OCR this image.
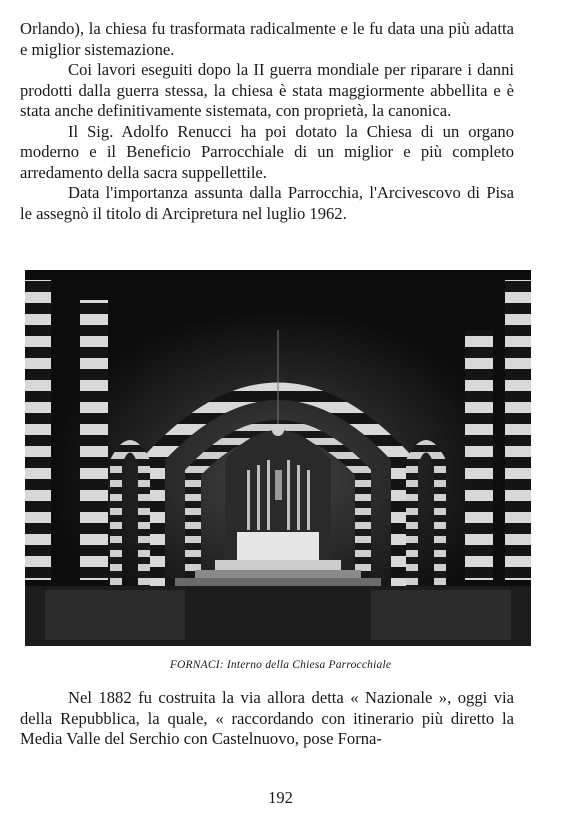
Orlando), la chiesa fu trasformata radicalmente e le fu data una più adatta e miglior sistemazione.

Coi lavori eseguiti dopo la II guerra mondiale per riparare i danni prodotti dalla guerra stessa, la chiesa è stata maggiormente abbellita e è stata anche definitivamente sistemata, con proprietà, la canonica.

Il Sig. Adolfo Renucci ha poi dotato la Chiesa di un organo moderno e il Beneficio Parrocchiale di un miglior e più completo arredamento della sacra suppellettile.

Data l'importanza assunta dalla Parrocchia, l'Arcivescovo di Pisa le assegnò il titolo di Arcipretura nel luglio 1962.

FORNACI: Interno della Chiesa Parrocchiale

Nel 1882 fu costruita la via allora detta « Nazionale », oggi via della Repubblica, la quale, « raccordando con itinerario più diretto la Media Valle del Serchio con Castelnuovo, pose Forna-

192
